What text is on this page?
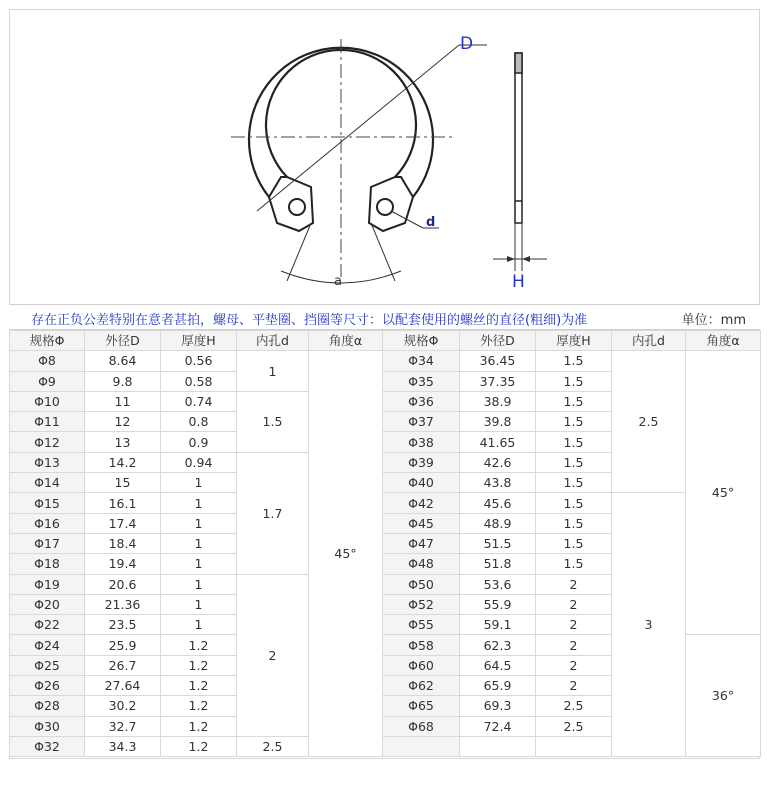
D
d
a	H
存在正负公差特别在意者甚拍，螺母、平垫圈、挡圈等尺寸：以配套使用的螺丝的直径(粗细)为准	单位：mm
规格Φ	外径D	厚度H	内孔d	角度α	规格Φ	外径D	厚度H	内孔d	角度α
Φ8	8.64	0.56	1	45°	Φ34	36.45	1.5	2.5	45°
Φ9	9.8	0.58			Φ35	37.35	1.5		
Φ10	11	0.74	1.5		Φ36	38.9	1.5		
Φ11	12	0.8			Φ37	39.8	1.5		
Φ12	13	0.9			Φ38	41.65	1.5		
Φ13	14.2	0.94	1.7		Φ39	42.6	1.5		
Φ14	15	1			Φ40	43.8	1.5		
Φ15	16.1	1			Φ42	45.6	1.5	3	
Φ16	17.4	1			Φ45	48.9	1.5		
Φ17	18.4	1			Φ47	51.5	1.5		
Φ18	19.4	1			Φ48	51.8	1.5		
Φ19	20.6	1	2		Φ50	53.6	2		
Φ20	21.36	1			Φ52	55.9	2		
Φ22	23.5	1			Φ55	59.1	2		
Φ24	25.9	1.2			Φ58	62.3	2		36°
Φ25	26.7	1.2			Φ60	64.5	2		
Φ26	27.64	1.2			Φ62	65.9	2		
Φ28	30.2	1.2			Φ65	69.3	2.5		
Φ30	32.7	1.2			Φ68	72.4	2.5		
Φ32	34.3	1.2	2.5						
